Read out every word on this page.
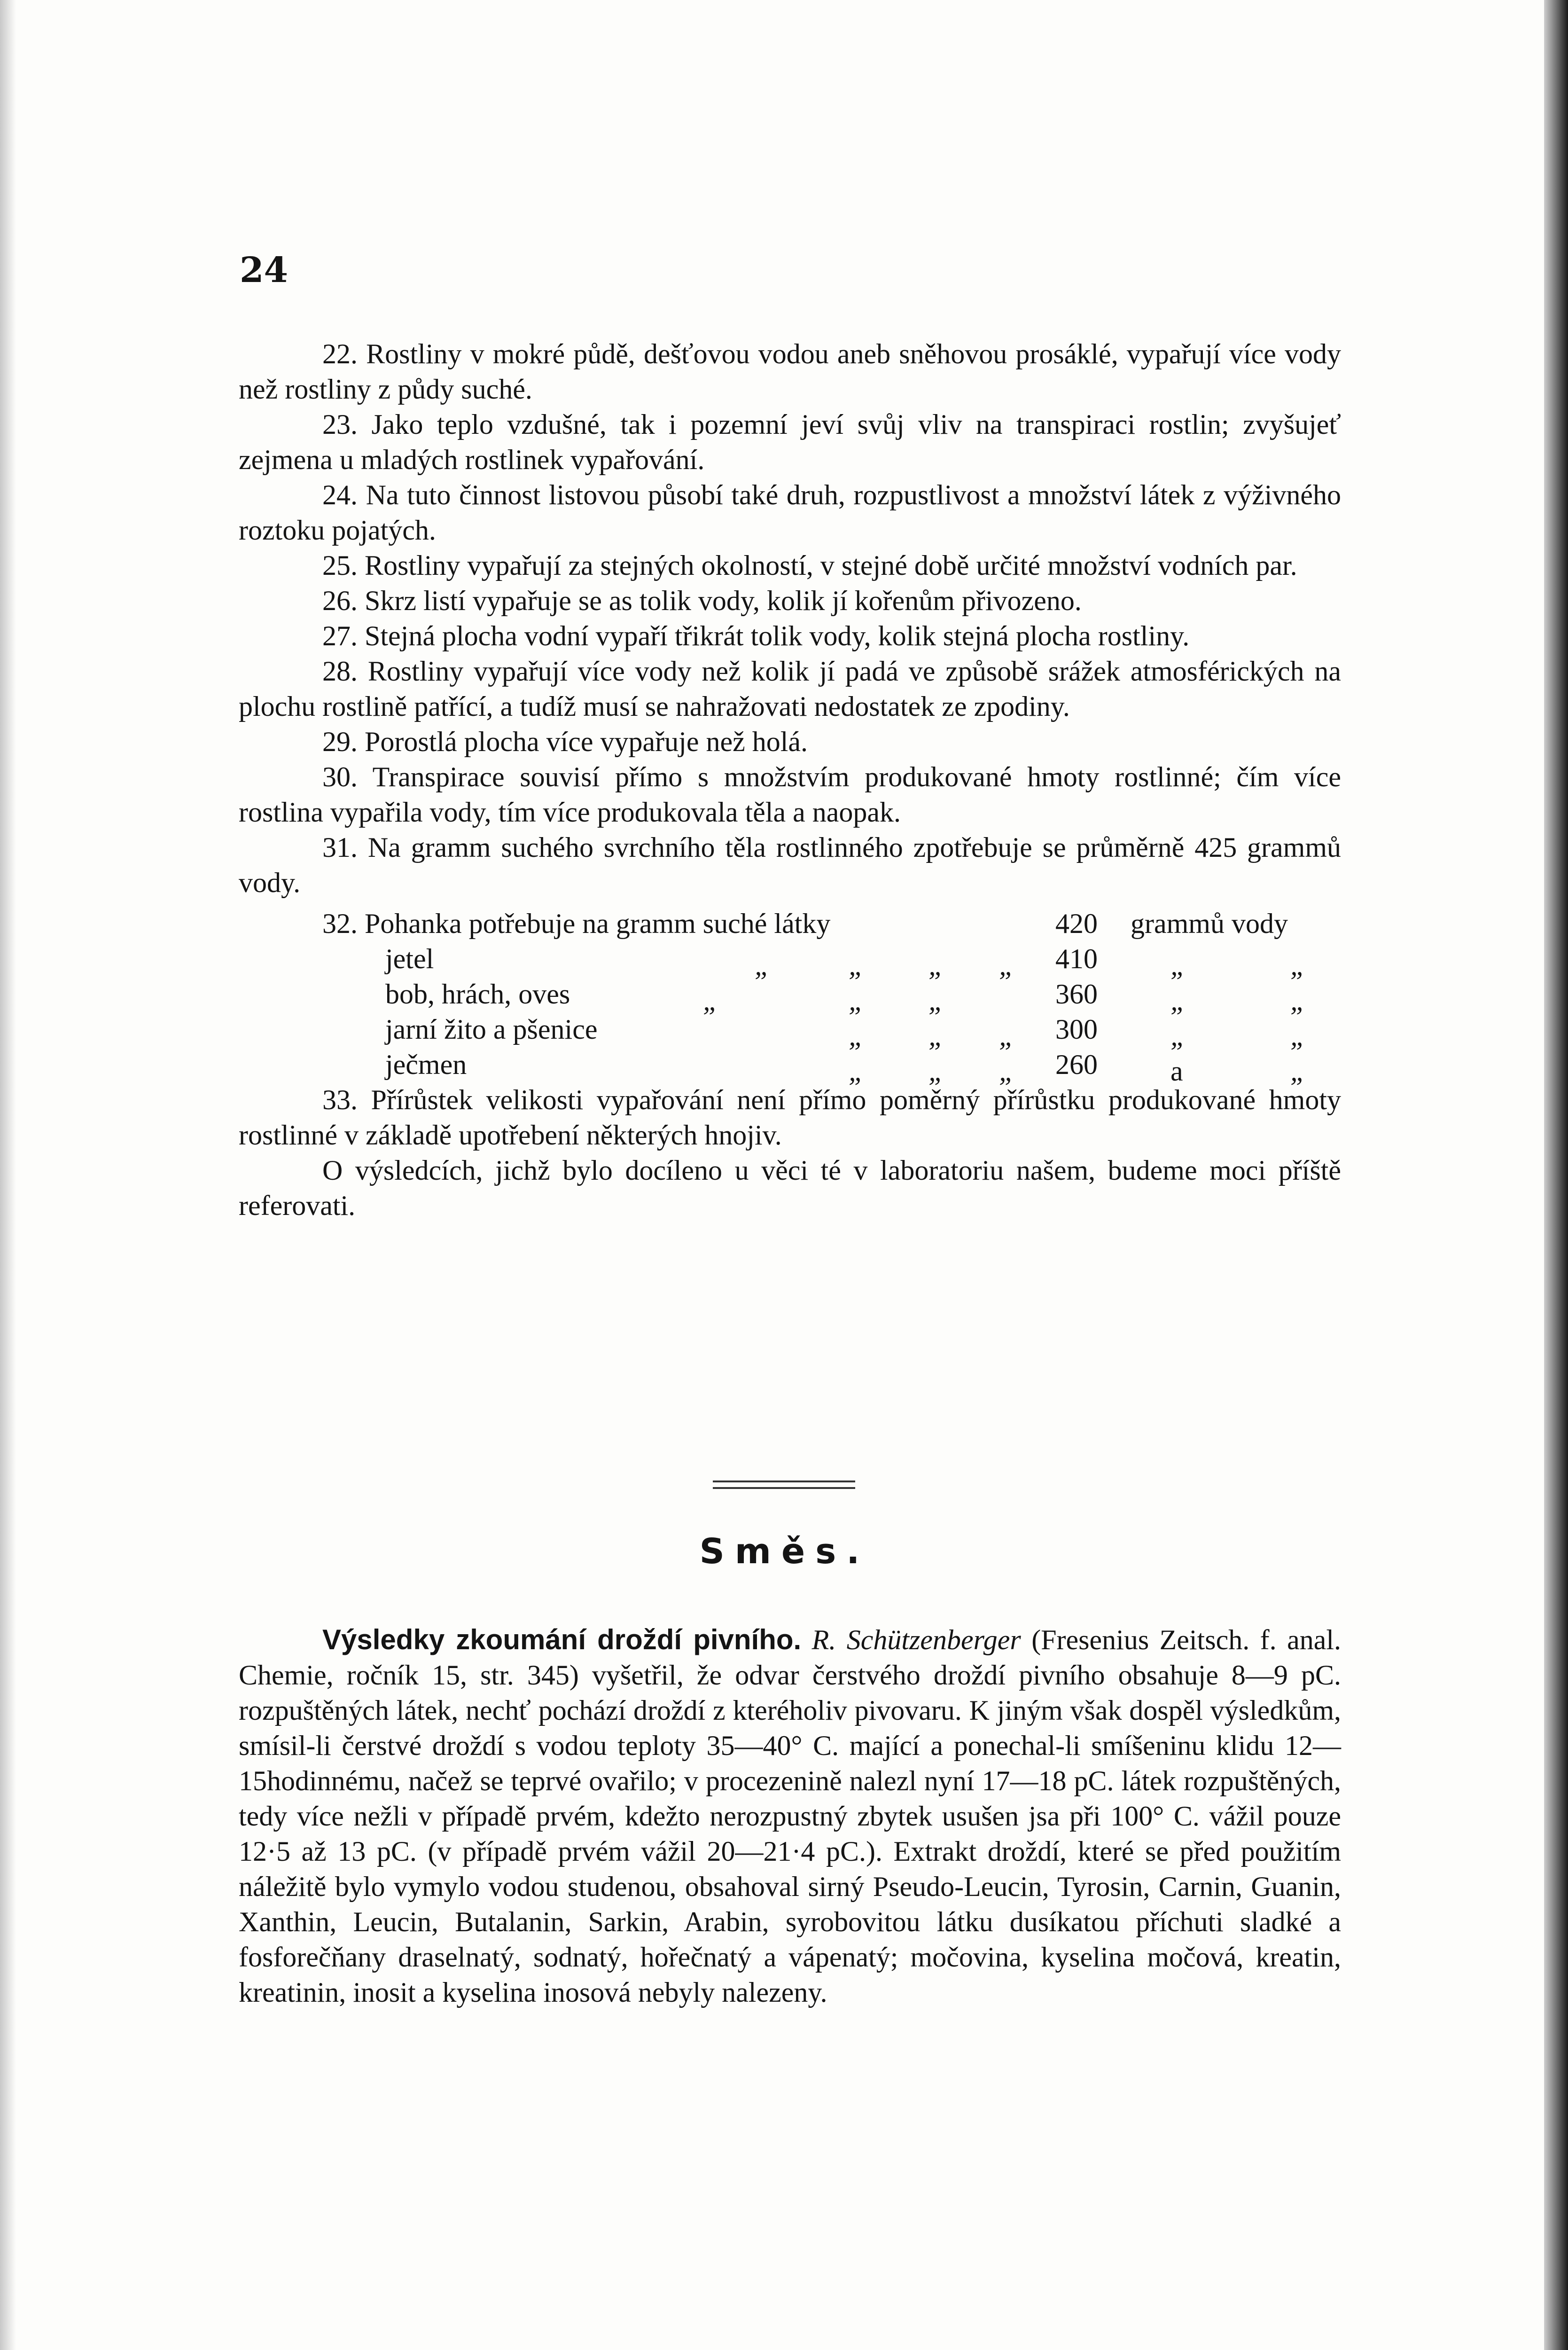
24

22. Rostliny v mokré půdě, dešťovou vodou aneb sněhovou prosáklé, vypařují více vody než rostliny z půdy suché.

23. Jako teplo vzdušné, tak i pozemní jeví svůj vliv na transpiraci rostlin; zvyšujeť zejmena u mladých rostlinek vypařování.

24. Na tuto činnost listovou působí také druh, rozpustlivost a množství látek z výživného roztoku pojatých.

25. Rostliny vypařují za stejných okolností, v stejné době určité množství vodních par.

26. Skrz listí vypařuje se as tolik vody, kolik jí kořenům přivozeno.

27. Stejná plocha vodní vypaří třikrát tolik vody, kolik stejná plocha rostliny.

28. Rostliny vypařují více vody než kolik jí padá ve způsobě srážek atmosférických na plochu rostlině patřící, a tudíž musí se nahražovati nedostatek ze zpodiny.

29. Porostlá plocha více vypařuje než holá.

30. Transpirace souvisí přímo s množstvím produkované hmoty rostlinné; čím více rostlina vypařila vody, tím více produkovala těla a naopak.

31. Na gramm suchého svrchního těla rostlinného zpotřebuje se průměrně 425 grammů vody.

32. Pohanka potřebuje na gramm suché látky	420 grammů vody
jetel	„	„ „ „ 410	„	„
bob, hrách, oves	„	„ „	360	„	„
jarní žito a pšenice	„ „ „ 300	„	„
ječmen	„ „ „ 260	a	„

33. Přírůstek velikosti vypařování není přímo poměrný přírůstku produkované hmoty rostlinné v základě upotřebení některých hnojiv.

O výsledcích, jichž bylo docíleno u věci té v laboratoriu našem, budeme moci příště referovati.

Směs.

Výsledky zkoumání droždí pivního. R. Schützenberger (Fresenius Zeitsch. f. anal. Chemie, ročník 15, str. 345) vyšetřil, že odvar čerstvého droždí pivního obsahuje 8—9 pC. rozpuštěných látek, nechť pochází droždí z kteréholiv pivovaru. K jiným však dospěl výsledkům, smísil-li čerstvé droždí s vodou teploty 35—40° C. mající a ponechal-li smíšeninu klidu 12—15hodinnému, načež se teprvé ovařilo; v procezenině nalezl nyní 17—18 pC. látek rozpuštěných, tedy více nežli v případě prvém, kdežto nerozpustný zbytek usušen jsa při 100° C. vážil pouze 12·5 až 13 pC. (v případě prvém vážil 20—21·4 pC.). Extrakt droždí, které se před použitím náležitě bylo vymylo vodou studenou, obsahoval sirný Pseudo-Leucin, Tyrosin, Carnin, Guanin, Xanthin, Leucin, Butalanin, Sarkin, Arabin, syrobovitou látku dusíkatou příchuti sladké a fosforečňany draselnatý, sodnatý, hořečnatý a vápenatý; močovina, kyselina močová, kreatin, kreatinin, inosit a kyselina inosová nebyly nalezeny.
